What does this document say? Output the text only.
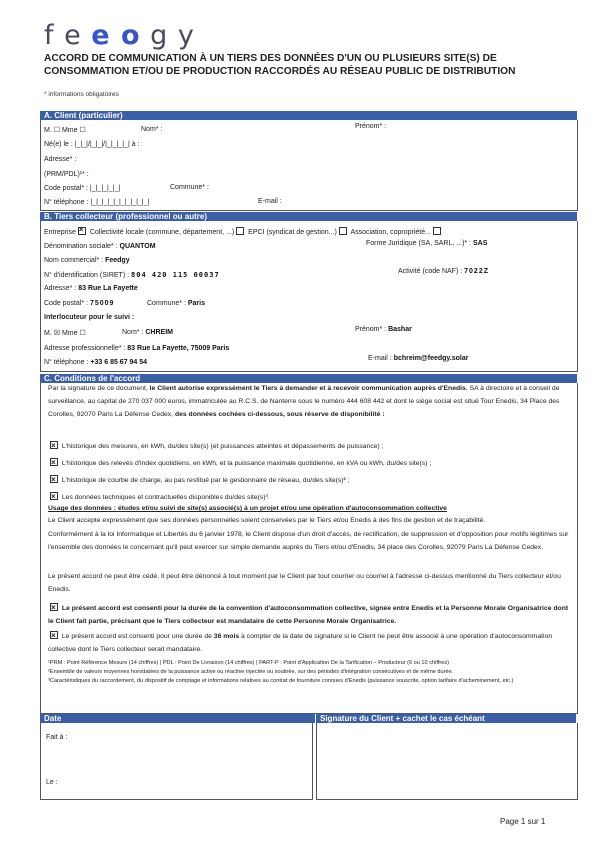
f e e o g y
ACCORD DE COMMUNICATION À UN TIERS DES DONNÉES D'UN OU PLUSIEURS SITE(S) DE CONSOMMATION ET/OU DE PRODUCTION RACCORDÉS AU RÉSEAU PUBLIC DE DISTRIBUTION
* informations obligatoires
A. Client (particulier)
M. ☐ Mme ☐	Nom* :	Prénom* :
Né(e) le : |_|_|/|_|_|/|_|_|_|_| à :
Adresse* :
(PRM/PDL)¹* :
Code postal* : |_|_|_|_|_|	Commune* :
N° téléphone : |_|_|_|_|_|_|_|_|_|_|	E-mail :
B. Tiers collecteur (professionnel ou autre)
Entreprise× Collectivité locale (commune, département, ...) EPCI (syndicat de gestion...) Association, copropriété...
Dénomination sociale* : QUANTOM	Forme Juridique (SA, SARL, ...)* : SAS
Nom commercial* : Feedgy
N° d'identification (SIRET) : 804 420 115 00037	Activité (code NAF) : 7022Z
Adresse* : 83 Rue La Fayette
Code postal* : 75009	Commune* : Paris
Interlocuteur pour le suivi :
M. ☒ Mme ☐	Nom* : CHREIM	Prénom* : Bashar
Adresse professionnelle* : 83 Rue La Fayette, 75009 Paris
N° téléphone : +33 6 85 67 94 54
E-mail : bchreim@feedgy.solar
C. Conditions de l'accord
Par la signature de ce document, le Client autorise expressément le Tiers à demander et à recevoir communication auprès d'Enedis, SA à directoire et à conseil de surveillance, au capital de 270 037 000 euros, immatriculée au R.C.S. de Nanterre sous le numéro 444 608 442 et dont le siège social est situé Tour Enedis, 34 Place des Corolles, 92070 Paris La Défense Cedex, des données cochées ci-dessous, sous réserve de disponibilité :
× L'historique des mesures, en kWh, du/des site(s) (et puissances atteintes et dépassements de puissance) ;
× L'historique des relevés d'index quotidiens, en kWh, et la puissance maximale quotidienne, en kVA ou kWh, du/des site(s) ;
× L'historique de courbe de charge, au pas restitué par le gestionnaire de réseau, du/des site(s)² ;
× Les données techniques et contractuelles disponibles du/des site(s)³.
Usage des données : études et/ou suivi de site(s) associé(s) à un projet et/ou une opération d'autoconsommation collective
Le Client accepte expressément que ses données personnelles soient conservées par le Tiers et/ou Enedis à des fins de gestion et de traçabilité.
Conformément à la loi Informatique et Libertés du 6 janvier 1978, le Client dispose d'un droit d'accès, de rectification, de suppression et d'opposition pour motifs légitimes sur l'ensemble des données le concernant qu'il peut exercer sur simple demande auprès du Tiers et/ou d'Enedis, 34 place des Corolles, 92079 Paris La Défense Cedex.
Le présent accord ne peut être cédé. Il peut être dénoncé à tout moment par le Client par tout courrier ou courriel à l'adresse ci-dessus mentionné du Tiers collecteur et/ou Enedis.
× Le présent accord est consenti pour la durée de la convention d'autoconsommation collective, signée entre Enedis et la Personne Morale Organisatrice dont le Client fait partie, précisant que le Tiers collecteur est mandataire de cette Personne Morale Organisatrice.
× Le présent accord est consenti pour une durée de 36 mois à compter de la date de signature si le Client ne peut être associé à une opération d'autoconsommation collective dont le Tiers collecteur serait mandataire.
¹PRM : Point Référence Mesure (14 chiffres) | PDL : Point De Livraison (14 chiffres) | PART-P : Point d'Application De la Tarification – Producteur (6 ou 10 chiffres)
²Ensemble de valeurs moyennes horodatées de la puissance active ou réactive injectée ou soutirée, sur des périodes d'intégration consécutives et de même durée.
³Caractéristiques du raccordement, du dispositif de comptage et informations relatives au contrat de fourniture connues d'Enedis (puissance souscrite, option tarifaire d'acheminement, etc.)
Date	Signature du Client + cachet le cas échéant
Fait à :
Le :
Page 1 sur 1
